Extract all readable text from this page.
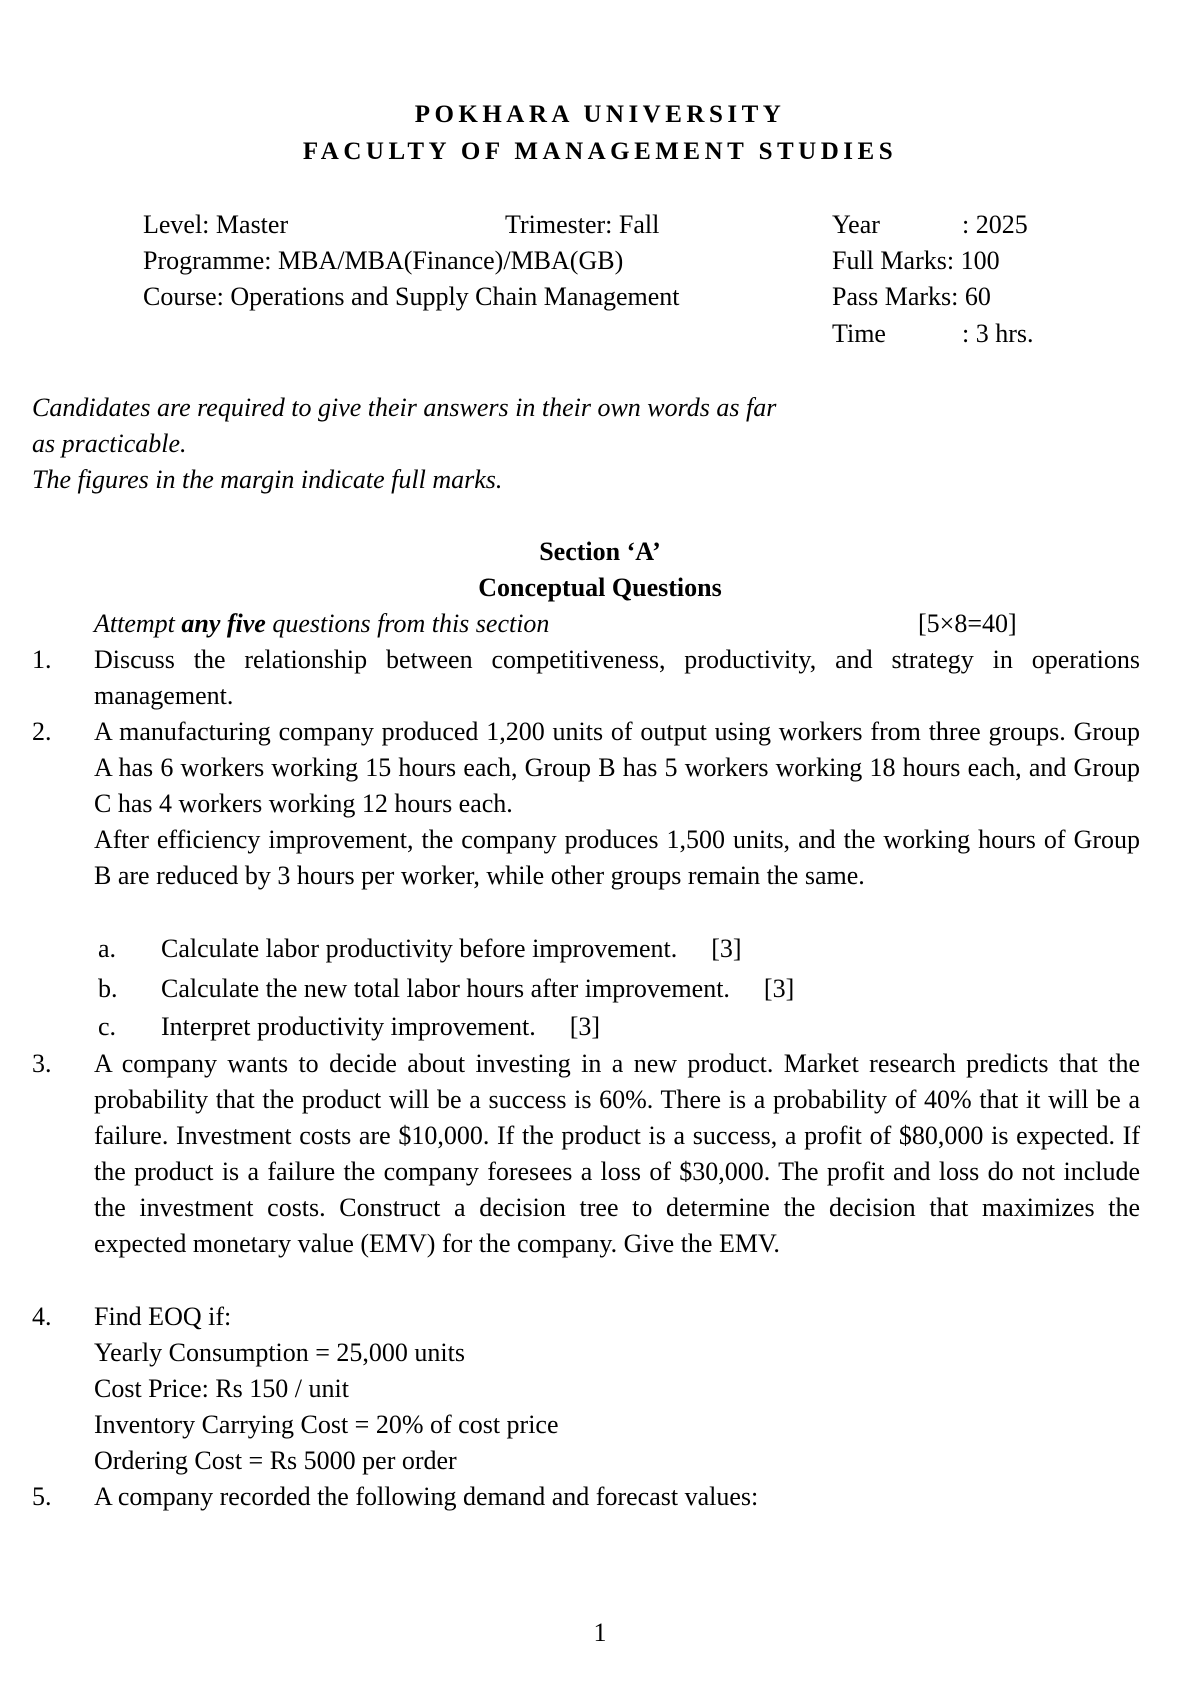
POKHARA UNIVERSITY
FACULTY OF MANAGEMENT STUDIES
Level: Master	Trimester: Fall	Year	: 2025
Programme: MBA/MBA(Finance)/MBA(GB)	Full Marks: 100
Course: Operations and Supply Chain Management	Pass Marks: 60
Time	: 3 hrs.
Candidates are required to give their answers in their own words as far
as practicable.
The figures in the margin indicate full marks.
Section ‘A’
Conceptual Questions
Attempt any five questions from this section	[5×8=40]
1. Discuss the relationship between competitiveness, productivity, and strategy in operations management.
2. A manufacturing company produced 1,200 units of output using workers from three groups. Group A has 6 workers working 15 hours each, Group B has 5 workers working 18 hours each, and Group C has 4 workers working 12 hours each.
After efficiency improvement, the company produces 1,500 units, and the working hours of Group B are reduced by 3 hours per worker, while other groups remain the same.
a. Calculate labor productivity before improvement. [3]
b. Calculate the new total labor hours after improvement. [3]
c. Interpret productivity improvement. [3]
3. A company wants to decide about investing in a new product. Market research predicts that the probability that the product will be a success is 60%. There is a probability of 40% that it will be a failure. Investment costs are $10,000. If the product is a success, a profit of $80,000 is expected. If the product is a failure the company foresees a loss of $30,000. The profit and loss do not include the investment costs. Construct a decision tree to determine the decision that maximizes the expected monetary value (EMV) for the company. Give the EMV.
4. Find EOQ if:
Yearly Consumption = 25,000 units
Cost Price: Rs 150 / unit
Inventory Carrying Cost = 20% of cost price
Ordering Cost = Rs 5000 per order
5. A company recorded the following demand and forecast values:
1
